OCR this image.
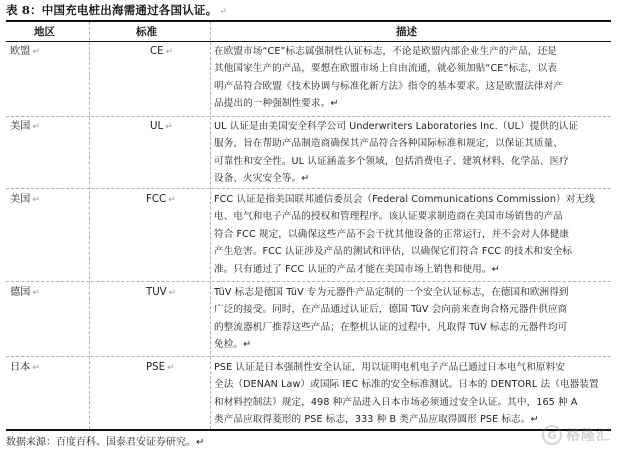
表 8：中国充电桩出海需通过各国认证。 ↵
地区	标准	描述
欧盟 ↵	CE ↵	在欧盟市场“CE”标志属强制性认证标志，不论是欧盟内部企业生产的产品，还是
其他国家生产的产品，要想在欧盟市场上自由流通，就必须加贴“CE”标志，以表
明产品符合欧盟《技术协调与标准化新方法》指令的基本要求。这是欧盟法律对产
品提出的一种强制性要求。↵
美国 ↵	UL ↵	UL 认证是由美国安全科学公司 Underwriters Laboratories Inc.（UL）提供的认证
服务，旨在帮助产品制造商确保其产品符合各种国际标准和规定，以保证其质量、
可靠性和安全性。UL 认证涵盖多个领域，包括消费电子、建筑材料、化学品、医疗
设备、火灾安全等。↵
美国 ↵	FCC ↵	FCC 认证是指美国联邦通信委员会（Federal Communications Commission）对无线
电、电气和电子产品的授权和管理程序。该认证要求制造商在美国市场销售的产品
符合 FCC 规定，以确保这些产品不会干扰其他设备的正常运行，并不会对人体健康
产生危害。FCC 认证涉及产品的测试和评估，以确保它们符合 FCC 的技术和安全标
准。只有通过了 FCC 认证的产品才能在美国市场上销售和使用。↵
德国 ↵	TUV ↵	TüV 标志是德国 TüV 专为元器件产品定制的一个安全认证标志，在德国和欧洲得到
广泛的接受。同时，在产品通过认证后，德国 TüV 会向前来查询合格元器件供应商
的整流器机厂推荐这些产品；在整机认证的过程中，凡取得 TüV 标志的元器件均可
免检。↵
日本 ↵	PSE ↵	PSE 认证是日本强制性安全认证，用以证明电机电子产品已通过日本电气和原料安
全法（DENAN Law）或国际 IEC 标准的安全标准测试。日本的 DENTORL 法（电器装置
和材料控制法）规定，498 种产品进入日本市场必须通过安全认证。其中，165 种 A
类产品应取得菱形的 PSE 标志，333 种 B 类产品应取得圆形 PSE 标志。↵
数据来源：百度百科、国泰君安证券研究。↵
G 格隆汇
